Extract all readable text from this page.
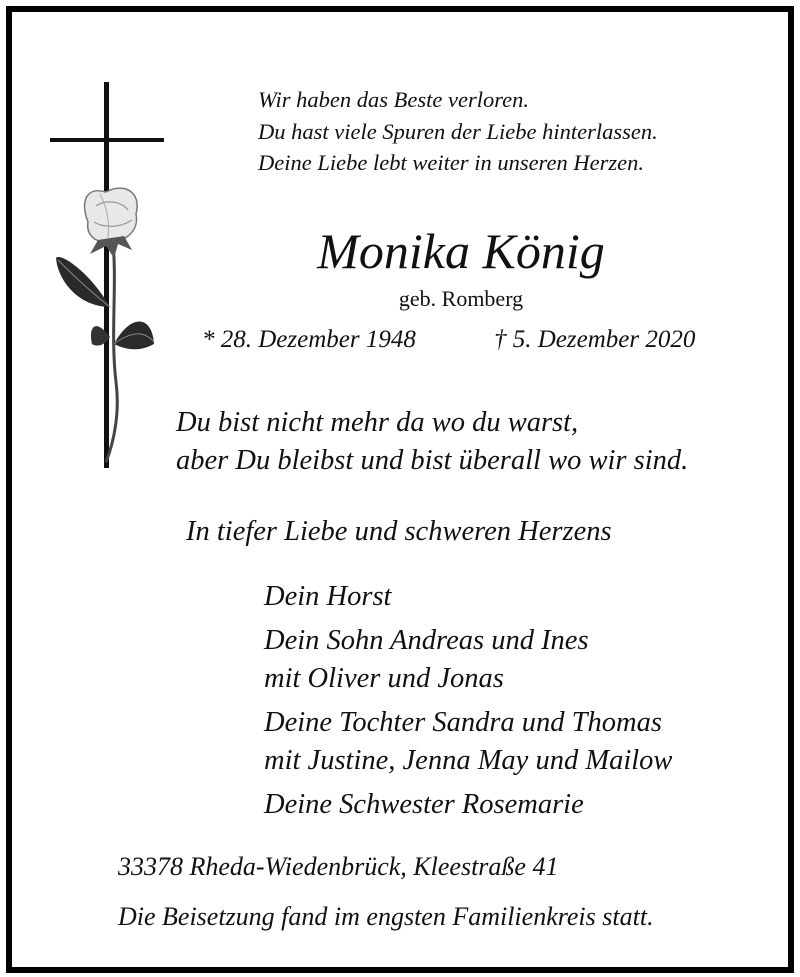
Wir haben das Beste verloren.
Du hast viele Spuren der Liebe hinterlassen.
Deine Liebe lebt weiter in unseren Herzen.
Monika König
geb. Romberg
* 28. Dezember 1948	† 5. Dezember 2020
Du bist nicht mehr da wo du warst,
aber Du bleibst und bist überall wo wir sind.
In tiefer Liebe und schweren Herzens
Dein Horst
Dein Sohn Andreas und Ines
mit Oliver und Jonas
Deine Tochter Sandra und Thomas
mit Justine, Jenna May und Mailow
Deine Schwester Rosemarie
33378 Rheda-Wiedenbrück, Kleestraße 41
Die Beisetzung fand im engsten Familienkreis statt.
